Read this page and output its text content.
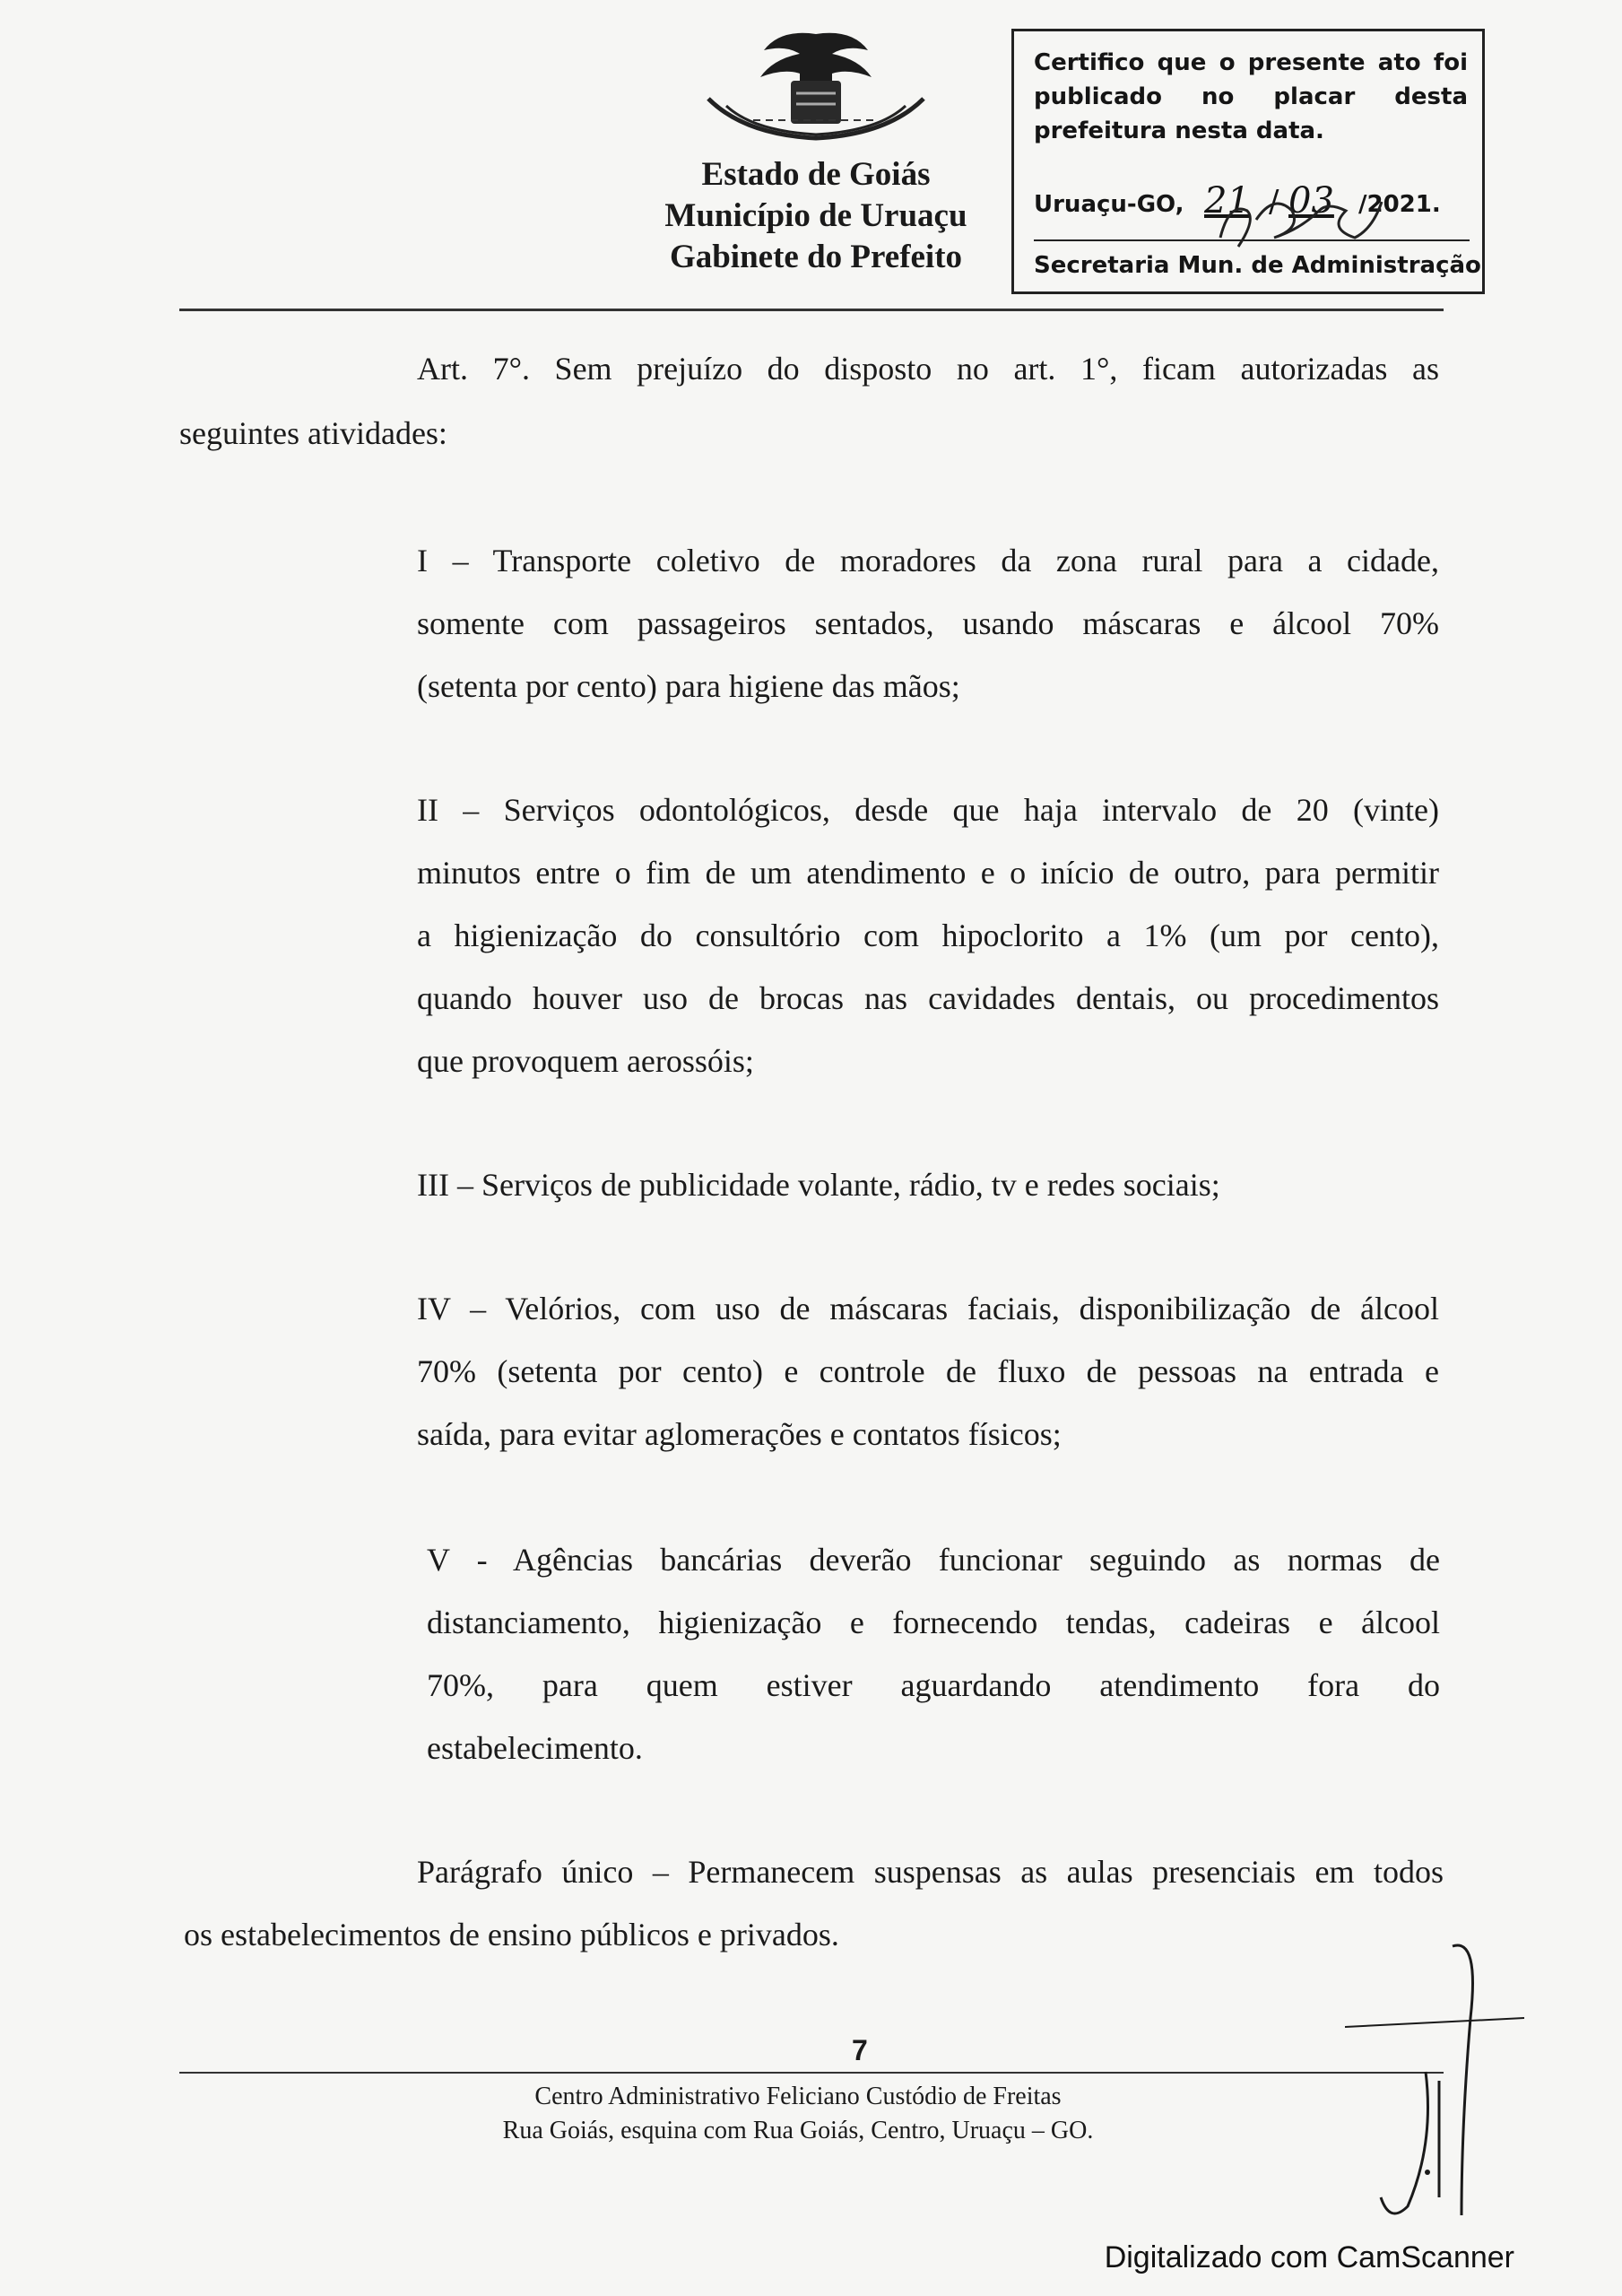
Estado de Goiás
Município de Uruaçu
Gabinete do Prefeito

Certifico que o presente ato foi publicado no placar desta prefeitura nesta data.

Uruaçu-GO, 21 / 03 /2021.
Secretaria Mun. de Administração

Art. 7°. Sem prejuízo do disposto no art. 1°, ficam autorizadas as

seguintes atividades:

I – Transporte coletivo de moradores da zona rural para a cidade,

somente com passageiros sentados, usando máscaras e álcool 70%

(setenta por cento) para higiene das mãos;

II – Serviços odontológicos, desde que haja intervalo de 20 (vinte)

minutos entre o fim de um atendimento e o início de outro, para permitir

a higienização do consultório com hipoclorito a 1% (um por cento),

quando houver uso de brocas nas cavidades dentais, ou procedimentos

que provoquem aerossóis;

III – Serviços de publicidade volante, rádio, tv e redes sociais;

IV – Velórios, com uso de máscaras faciais, disponibilização de álcool

70% (setenta por cento) e controle de fluxo de pessoas na entrada e

saída, para evitar aglomerações e contatos físicos;

V - Agências bancárias deverão funcionar seguindo as normas de

distanciamento, higienização e fornecendo tendas, cadeiras e álcool

70%, para quem estiver aguardando atendimento fora do

estabelecimento.

Parágrafo único – Permanecem suspensas as aulas presenciais em todos

os estabelecimentos de ensino públicos e privados.

7
Centro Administrativo Feliciano Custódio de Freitas
Rua Goiás, esquina com Rua Goiás, Centro, Uruaçu – GO.
Digitalizado com CamScanner
